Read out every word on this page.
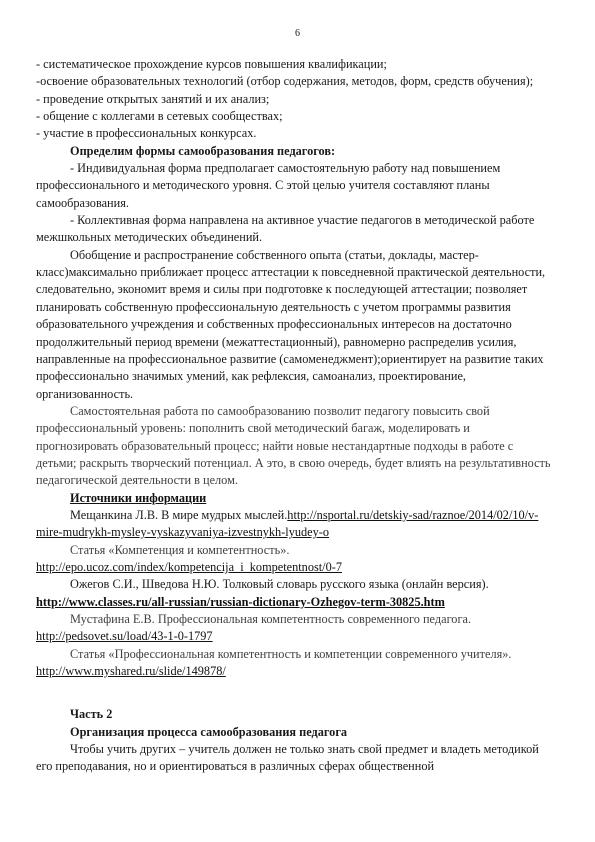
6

- систематическое прохождение курсов повышения квалификации;

-освоение образовательных технологий (отбор содержания, методов, форм, средств обучения);

- проведение открытых занятий и их анализ;

- общение с коллегами в сетевых сообществах;

- участие в профессиональных конкурсах.

Определим формы самообразования педагогов:

- Индивидуальная форма предполагает самостоятельную работу над повышением профессионального и методического уровня. С этой целью учителя составляют планы самообразования.

- Коллективная форма направлена на активное участие педагогов в методической работе межшкольных методических объединений.

Обобщение и распространение собственного опыта (статьи, доклады, мастер-класс)максимально приближает процесс аттестации к повседневной практической деятельности, следовательно, экономит время и силы при подготовке к последующей аттестации; позволяет планировать собственную профессиональную деятельность с учетом программы развития образовательного учреждения и собственных профессиональных интересов на достаточно продолжительный период времени (межаттестационный), равномерно распределив усилия, направленные на профессиональное развитие (самоменеджмент);ориентирует на развитие таких профессионально значимых умений, как рефлексия, самоанализ, проектирование, организованность.

Самостоятельная работа по самообразованию позволит педагогу повысить свой профессиональный уровень: пополнить свой методический багаж, моделировать и прогнозировать образовательный процесс; найти новые нестандартные подходы в работе с детьми; раскрыть творческий потенциал. А это, в свою очередь, будет влиять на результативность педагогической деятельности в целом.

Источники информации

Мещанкина Л.В. В мире мудрых мыслей.http://nsportal.ru/detskiy-sad/raznoe/2014/02/10/v-mire-mudrykh-mysley-vyskazyvaniya-izvestnykh-lyudey-o

Статья «Компетенция и компетентность».

http://epo.ucoz.com/index/kompetencija_i_kompetentnost/0-7

Ожегов С.И., Шведова Н.Ю. Толковый словарь русского языка (онлайн версия). http://www.classes.ru/all-russian/russian-dictionary-Ozhegov-term-30825.htm

Мустафина Е.В. Профессиональная компетентность современного педагога. http://pedsovet.su/load/43-1-0-1797

Статья «Профессиональная компетентность и компетенции современного учителя». http://www.myshared.ru/slide/149878/

Часть 2

Организация процесса самообразования педагога

Чтобы учить других – учитель должен не только знать свой предмет и владеть методикой его преподавания, но и ориентироваться в различных сферах общественной
